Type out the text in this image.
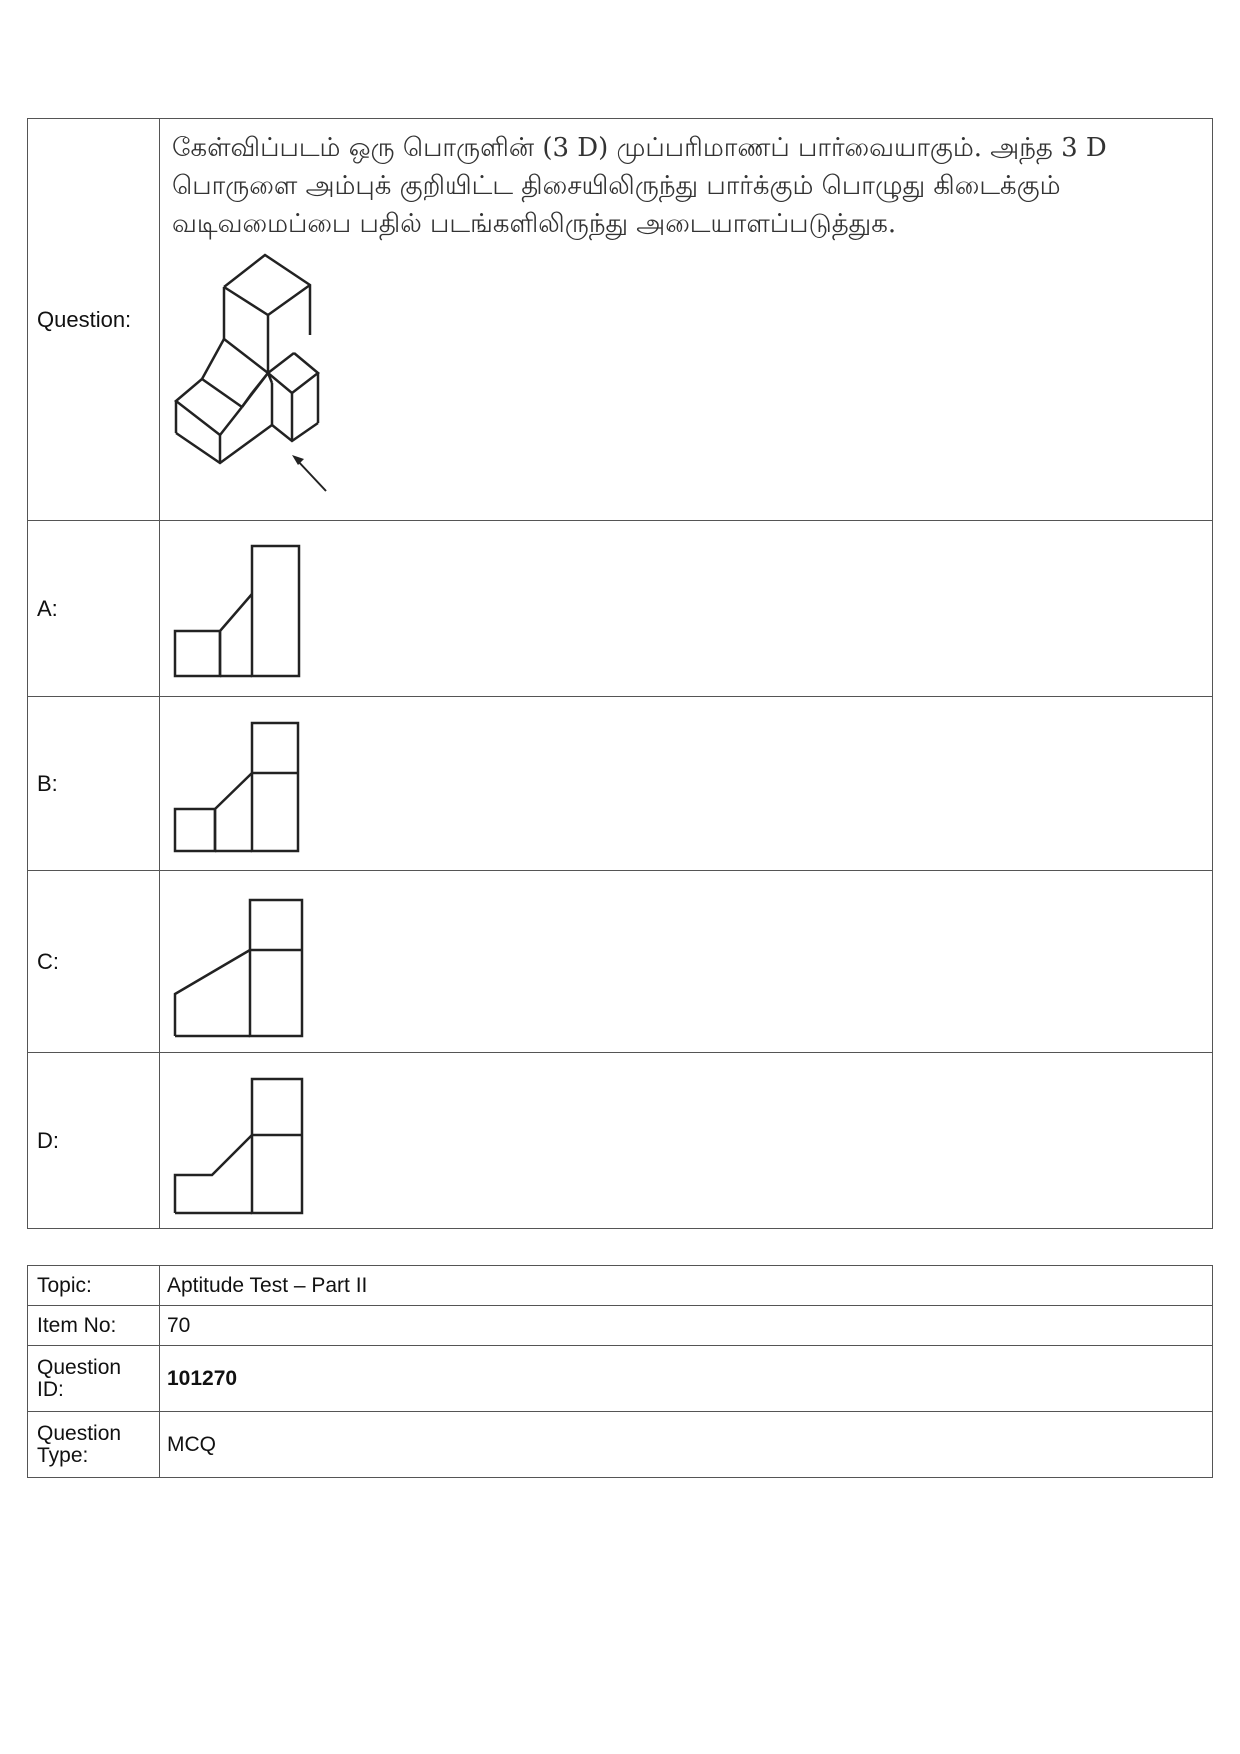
Question:	கேள்விப்படம் ஒரு பொருளின் (3 D) முப்பரிமாணப் பார்வையாகும். அந்த 3 D
பொருளை அம்புக் குறியிட்ட திசையிலிருந்து பார்க்கும் பொழுது கிடைக்கும்
வடிவமைப்பை பதில் படங்களிலிருந்து அடையாளப்படுத்துக.

A:	

B:	

C:	

D:	
Topic:	Aptitude Test – Part II
Item No:	70
Question ID:	101270
Question Type:	MCQ
